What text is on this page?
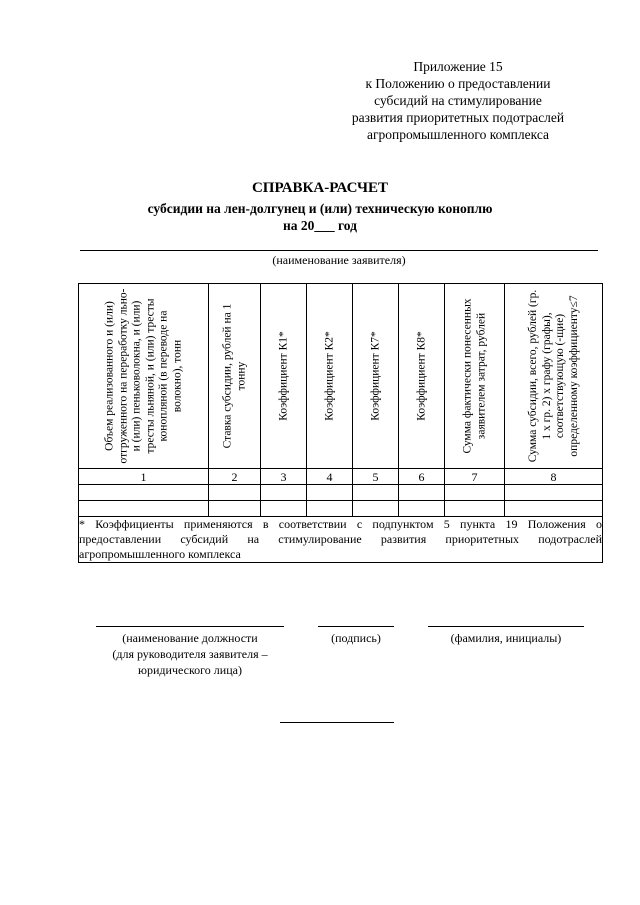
Приложение 15
к Положению о предоставлении
субсидий на стимулирование
развития приоритетных подотраслей
агропромышленного комплекса
СПРАВКА-РАСЧЕТ
субсидии на лен-долгунец и (или) техническую коноплю
на 20___ год
(наименование заявителя)
Объем реализованного и (или) отгруженного на переработку льно- и (или) пеньковолокна, и (или) тресты льняной, и (или) тресты конопляной (в переводе на волокно), тонн	Ставка субсидии, рублей на 1 тонну	Коэффициент К1*	Коэффициент К2*	Коэффициент К7*	Коэффициент К8*	Сумма фактически понесенных заявителем затрат, рублей	Сумма субсидии, всего, рублей (гр. 1 х гр. 2) х графу (графы), соответствующую (-щие) определенному коэффициенту≤7

1	2	3	4	5	6	7	8

* Коэффициенты применяются в соответствии с подпунктом 5 пункта 19 Положения о предоставлении субсидий на стимулирование развития приоритетных подотраслей агропромышленного комплекса							
(наименование должности
(для руководителя заявителя –
юридического лица)
(подпись)	(фамилия, инициалы)
